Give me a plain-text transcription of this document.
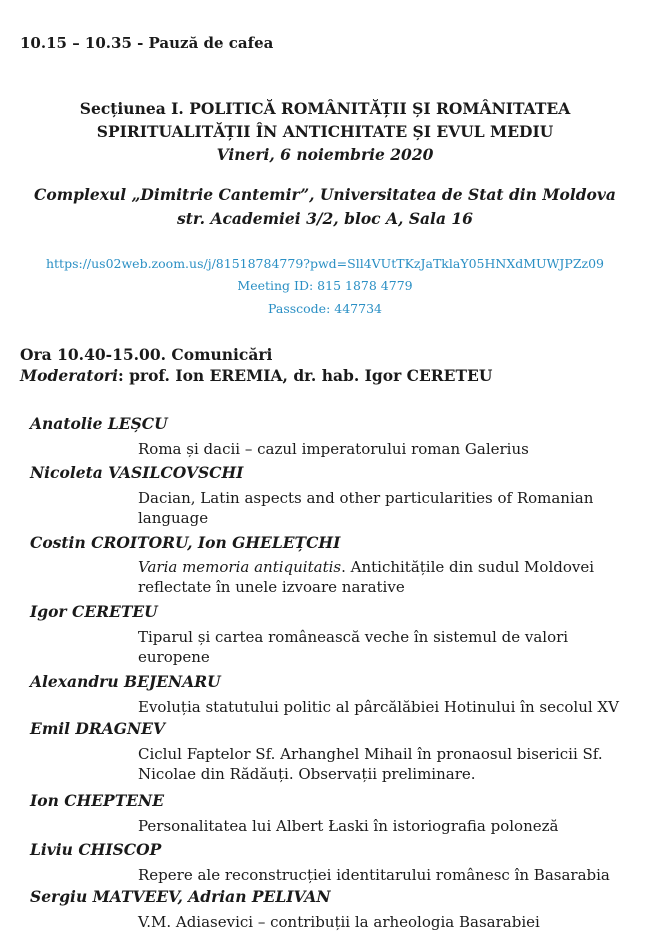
10.15 – 10.35 - Pauză de cafea
Secțiunea I. POLITICĂ ROMÂNITĂȚII ȘI ROMÂNITATEA
SPIRITUALITĂȚII ÎN ANTICHITATE ȘI EVUL MEDIU
Vineri, 6 noiembrie 2020
Complexul „Dimitrie Cantemir”, Universitatea de Stat din Moldova
str. Academiei 3/2, bloc A, Sala 16
https://us02web.zoom.us/j/81518784779?pwd=Sll4VUtTKzJaTklaY05HNXdMUWJPZz09
Meeting ID: 815 1878 4779
Passcode: 447734
Ora 10.40-15.00. Comunicări
Moderatori: prof. Ion EREMIA, dr. hab. Igor CERETEU
Anatolie LEȘCU
Roma și dacii – cazul imperatorului roman Galerius
Nicoleta VASILCOVSCHI
Dacian, Latin aspects and other particularities of Romanian language
Costin CROITORU, Ion GHELEȚCHI
Varia memoria antiquitatis. Antichitățile din sudul Moldovei reflectate în unele izvoare narative
Igor CERETEU
Tiparul și cartea românească veche în sistemul de valori europene
Alexandru BEJENARU
Evoluția statutului politic al pârcălăbiei Hotinului în secolul XV
Emil DRAGNEV
Ciclul Faptelor Sf. Arhanghel Mihail în pronaosul bisericii Sf. Nicolae din Rădăuți. Observații preliminare.
Ion CHEPTENE
Personalitatea lui Albert Łaski în istoriografia poloneză
Liviu CHISCOP
Repere ale reconstrucției identitarului românesc în Basarabia
Sergiu MATVEEV, Adrian PELIVAN
V.M. Adiasevici – contribuții la arheologia Basarabiei
